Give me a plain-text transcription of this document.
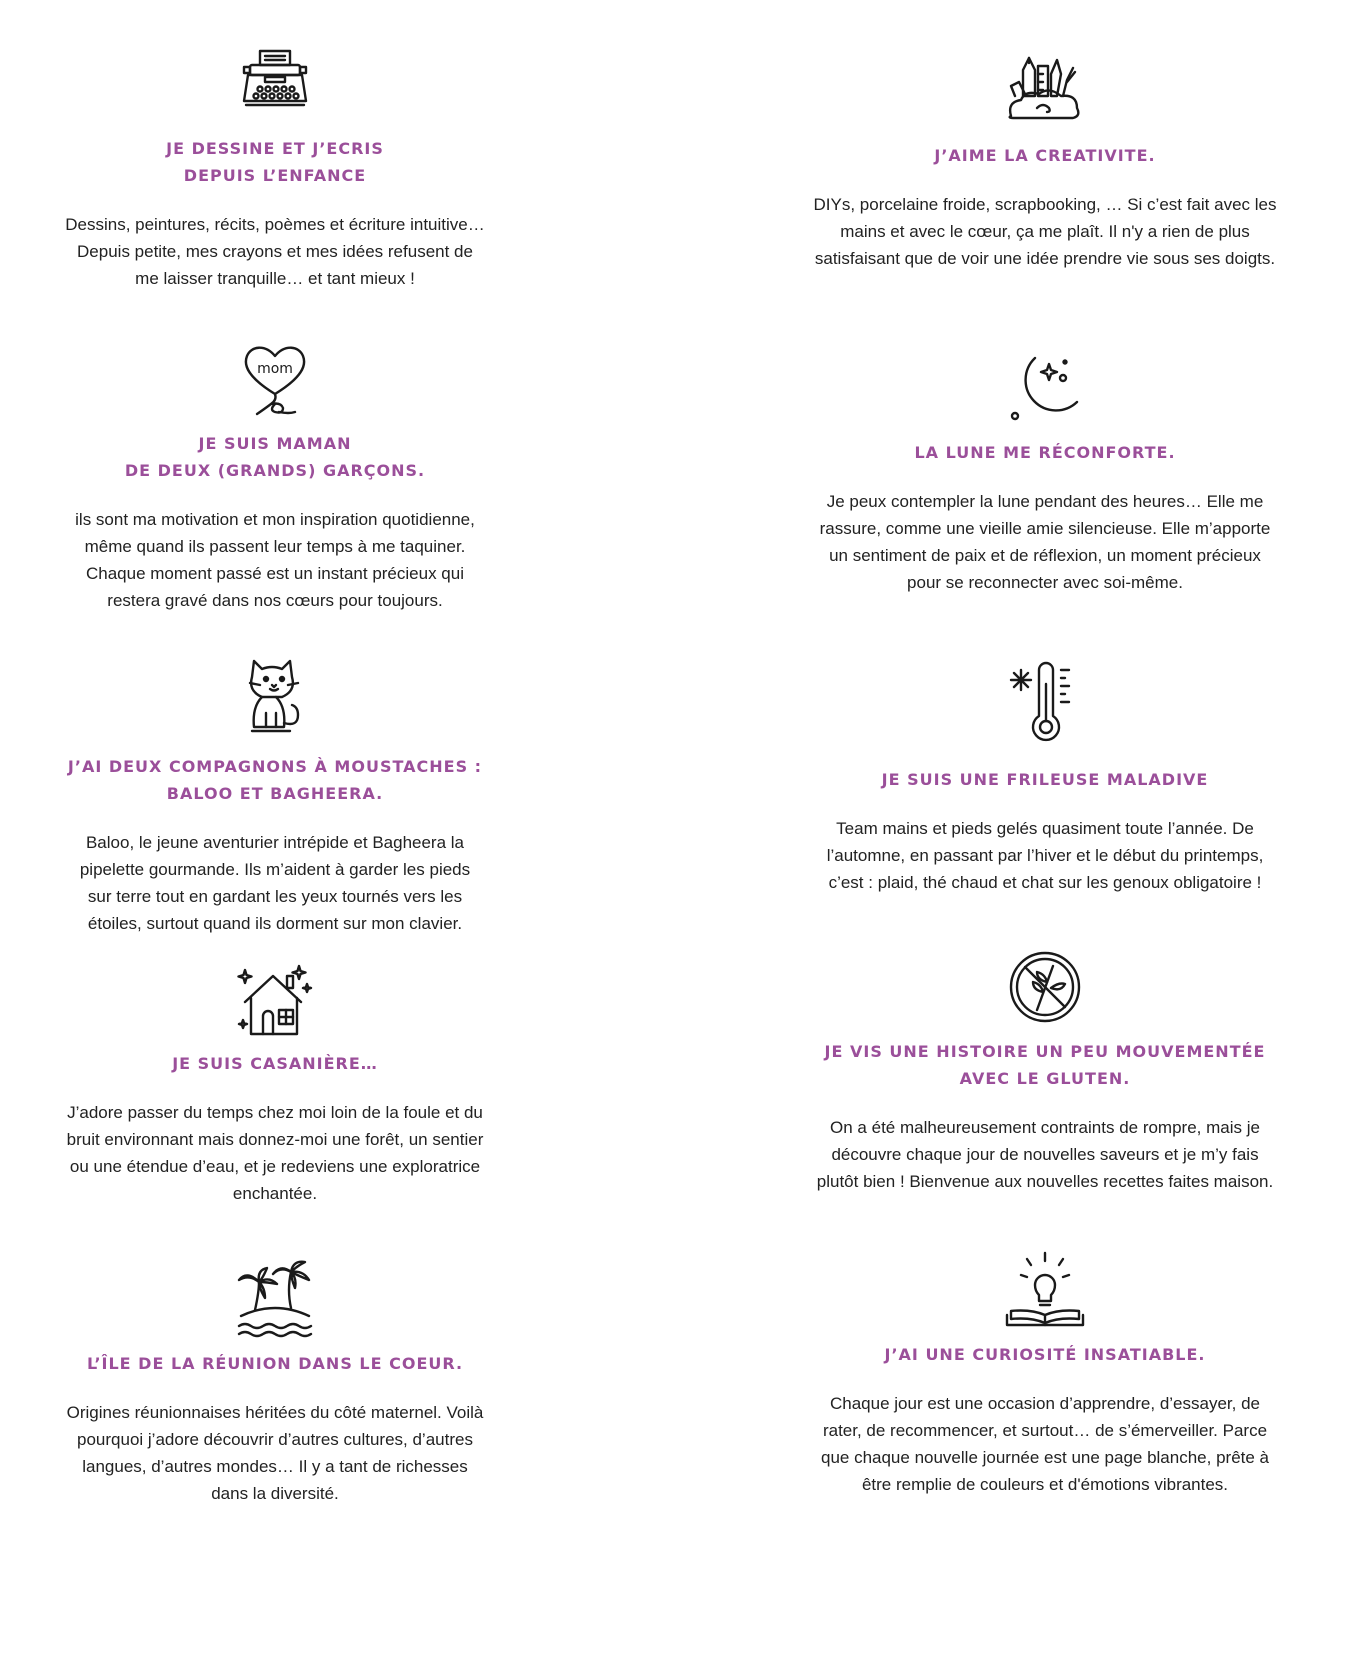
JE DESSINE ET J’ECRIS
DEPUIS L’ENFANCE

Dessins, peintures, récits, poèmes et écriture intuitive…
Depuis petite, mes crayons et mes idées refusent de
me laisser tranquille… et tant mieux !

J’AIME LA CREATIVITE.

DIYs, porcelaine froide, scrapbooking, … Si c’est fait avec les
mains et avec le cœur, ça me plaît. Il n'y a rien de plus
satisfaisant que de voir une idée prendre vie sous ses doigts.

mom

JE SUIS MAMAN
DE DEUX (GRANDS) GARÇONS.

ils sont ma motivation et mon inspiration quotidienne,
même quand ils passent leur temps à me taquiner.
Chaque moment passé est un instant précieux qui
restera gravé dans nos cœurs pour toujours.

LA LUNE ME RÉCONFORTE.

Je peux contempler la lune pendant des heures… Elle me
rassure, comme une vieille amie silencieuse. Elle m’apporte
un sentiment de paix et de réflexion, un moment précieux
pour se reconnecter avec soi-même.

J’AI DEUX COMPAGNONS À MOUSTACHES :
BALOO ET BAGHEERA.

Baloo, le jeune aventurier intrépide et Bagheera la
pipelette gourmande. Ils m’aident à garder les pieds
sur terre tout en gardant les yeux tournés vers les
étoiles, surtout quand ils dorment sur mon clavier.

JE SUIS UNE FRILEUSE MALADIVE

Team mains et pieds gelés quasiment toute l’année. De
l’automne, en passant par l’hiver et le début du printemps,
c’est : plaid, thé chaud et chat sur les genoux obligatoire !

JE SUIS CASANIÈRE…

J’adore passer du temps chez moi loin de la foule et du
bruit environnant mais donnez-moi une forêt, un sentier
ou une étendue d’eau, et je redeviens une exploratrice
enchantée.

JE VIS UNE HISTOIRE UN PEU MOUVEMENTÉE
AVEC LE GLUTEN.

On a été malheureusement contraints de rompre, mais je
découvre chaque jour de nouvelles saveurs et je m’y fais
plutôt bien ! Bienvenue aux nouvelles recettes faites maison.

L’ÎLE DE LA RÉUNION DANS LE COEUR.

Origines réunionnaises héritées du côté maternel. Voilà
pourquoi j’adore découvrir d’autres cultures, d’autres
langues, d’autres mondes… Il y a tant de richesses
dans la diversité.

J’AI UNE CURIOSITÉ INSATIABLE.

Chaque jour est une occasion d’apprendre, d’essayer, de
rater, de recommencer, et surtout… de s’émerveiller. Parce
que chaque nouvelle journée est une page blanche, prête à
être remplie de couleurs et d'émotions vibrantes.
